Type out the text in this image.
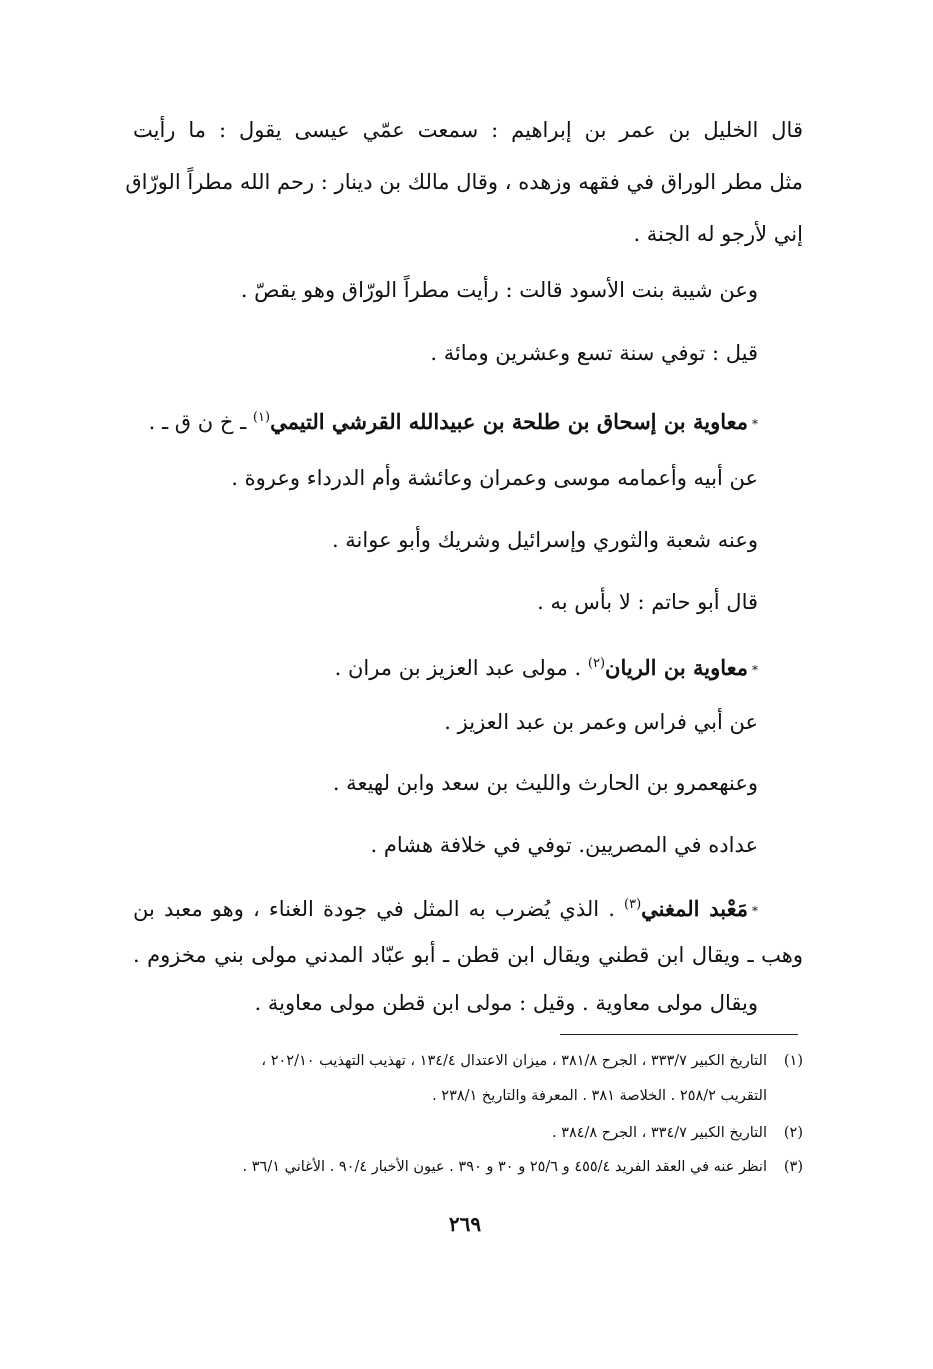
قال الخليل بن عمر بن إبراهيم : سمعت عمّي عيسى يقول : ما رأيت
مثل مطر الوراق في فقهه وزهده ، وقال مالك بن دينار : رحم الله مطراً الورّاق
إني لأرجو له الجنة .
وعن شيبة بنت الأسود قالت : رأيت مطراً الورّاق وهو يقصّ .
قيل : توفي سنة تسع وعشرين ومائة .
*معاوية بن إسحاق بن طلحة بن عبيدالله القرشي التيمي$^{(١)}$ ـ خ ن ق ـ .
عن أبيه وأعمامه موسى وعمران وعائشة وأم الدرداء وعروة .
وعنه شعبة والثوري وإسرائيل وشريك وأبو عوانة .
قال أبو حاتم : لا بأس به .
*معاوية بن الريان$^{(٢)}$ . مولى عبد العزيز بن مران .
عن أبي فراس وعمر بن عبد العزيز .
وعنهعمرو بن الحارث والليث بن سعد وابن لهيعة .
عداده في المصريين. توفي في خلافة هشام .
*مَعْبد المغني$^{(٣)}$ . الذي يُضرب به المثل في جودة الغناء ، وهو معبد بن
وهب ـ ويقال ابن قطني ويقال ابن قطن ـ أبو عبّاد المدني مولى بني مخزوم .
ويقال مولى معاوية . وقيل : مولى ابن قطن مولى معاوية .
(١)التاريخ الكبير ٣٣٣/٧ ، الجرح ٣٨١/٨ ، ميزان الاعتدال ١٣٤/٤ ، تهذيب التهذيب ٢٠٢/١٠ ،
التقريب ٢٥٨/٢ . الخلاصة ٣٨١ . المعرفة والتاريخ ٢٣٨/١ .
(٢)التاريخ الكبير ٣٣٤/٧ ، الجرح ٣٨٤/٨ .
(٣)انظر عنه في العقد الفريد ٤٥٥/٤ و ٢٥/٦ و ٣٠ و ٣٩٠ . عيون الأخبار ٩٠/٤ . الأغاني ٣٦/١ .
٢٦٩
